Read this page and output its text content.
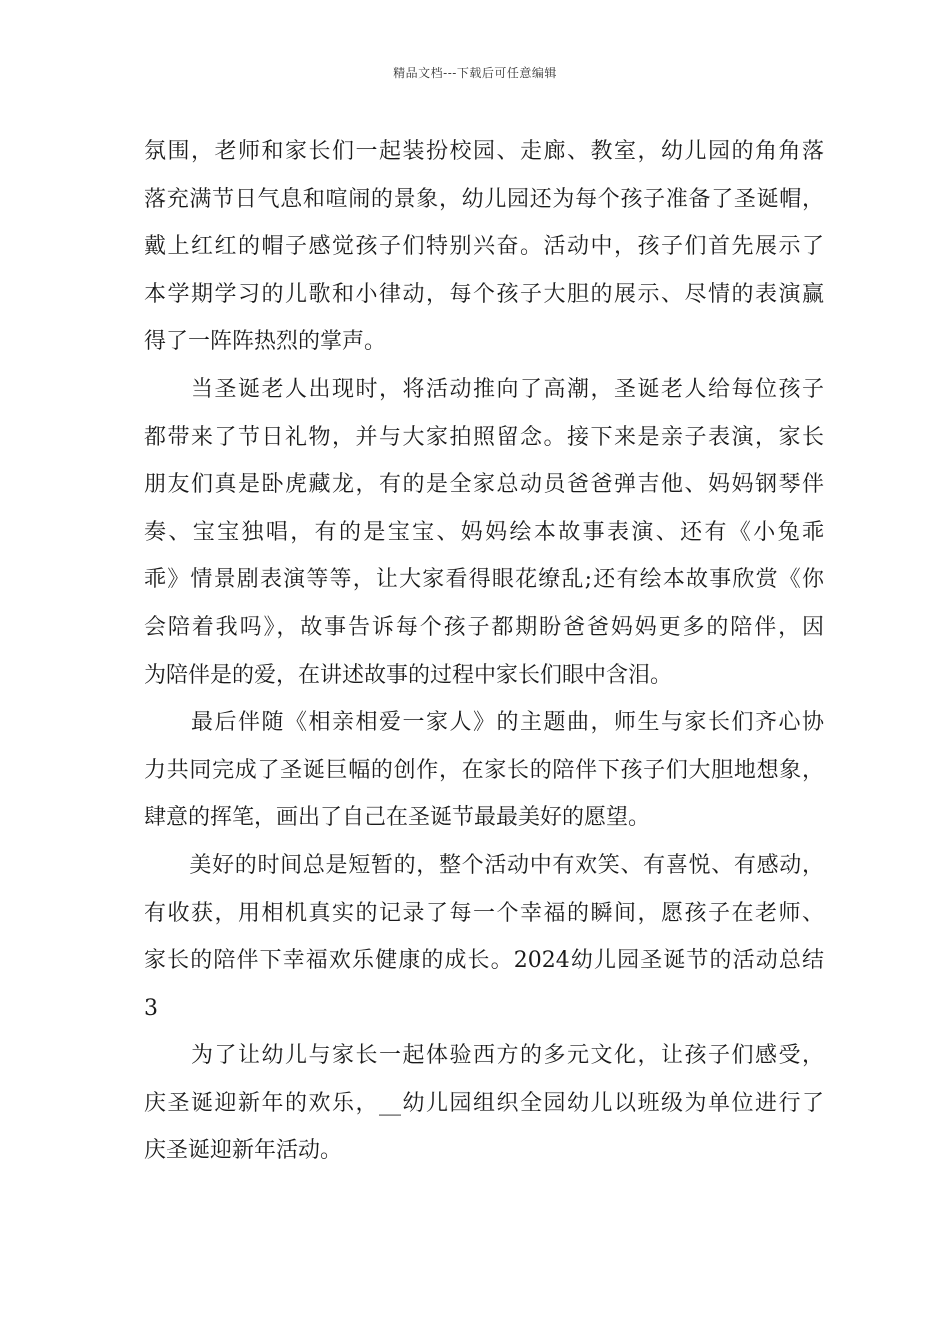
精品文档---下载后可任意编辑
氛围，老师和家长们一起装扮校园、走廊、教室，幼儿园的角角落
落充满节日气息和喧闹的景象，幼儿园还为每个孩子准备了圣诞帽，
戴上红红的帽子感觉孩子们特别兴奋。活动中，孩子们首先展示了
本学期学习的儿歌和小律动，每个孩子大胆的展示、尽情的表演赢
得了一阵阵热烈的掌声。
　　当圣诞老人出现时，将活动推向了高潮，圣诞老人给每位孩子
都带来了节日礼物，并与大家拍照留念。接下来是亲子表演，家长
朋友们真是卧虎藏龙，有的是全家总动员爸爸弹吉他、妈妈钢琴伴
奏、宝宝独唱，有的是宝宝、妈妈绘本故事表演、还有《小兔乖
乖》情景剧表演等等，让大家看得眼花缭乱;还有绘本故事欣赏《你
会陪着我吗》，故事告诉每个孩子都期盼爸爸妈妈更多的陪伴，因
为陪伴是的爱，在讲述故事的过程中家长们眼中含泪。
　　最后伴随《相亲相爱一家人》的主题曲，师生与家长们齐心协
力共同完成了圣诞巨幅的创作，在家长的陪伴下孩子们大胆地想象，
肆意的挥笔，画出了自己在圣诞节最最美好的愿望。
　　美好的时间总是短暂的，整个活动中有欢笑、有喜悦、有感动，
有收获，用相机真实的记录了每一个幸福的瞬间，愿孩子在老师、
家长的陪伴下幸福欢乐健康的成长。2024幼儿园圣诞节的活动总结
3
　　为了让幼儿与家长一起体验西方的多元文化，让孩子们感受，
庆圣诞迎新年的欢乐，__幼儿园组织全园幼儿以班级为单位进行了
庆圣诞迎新年活动。
